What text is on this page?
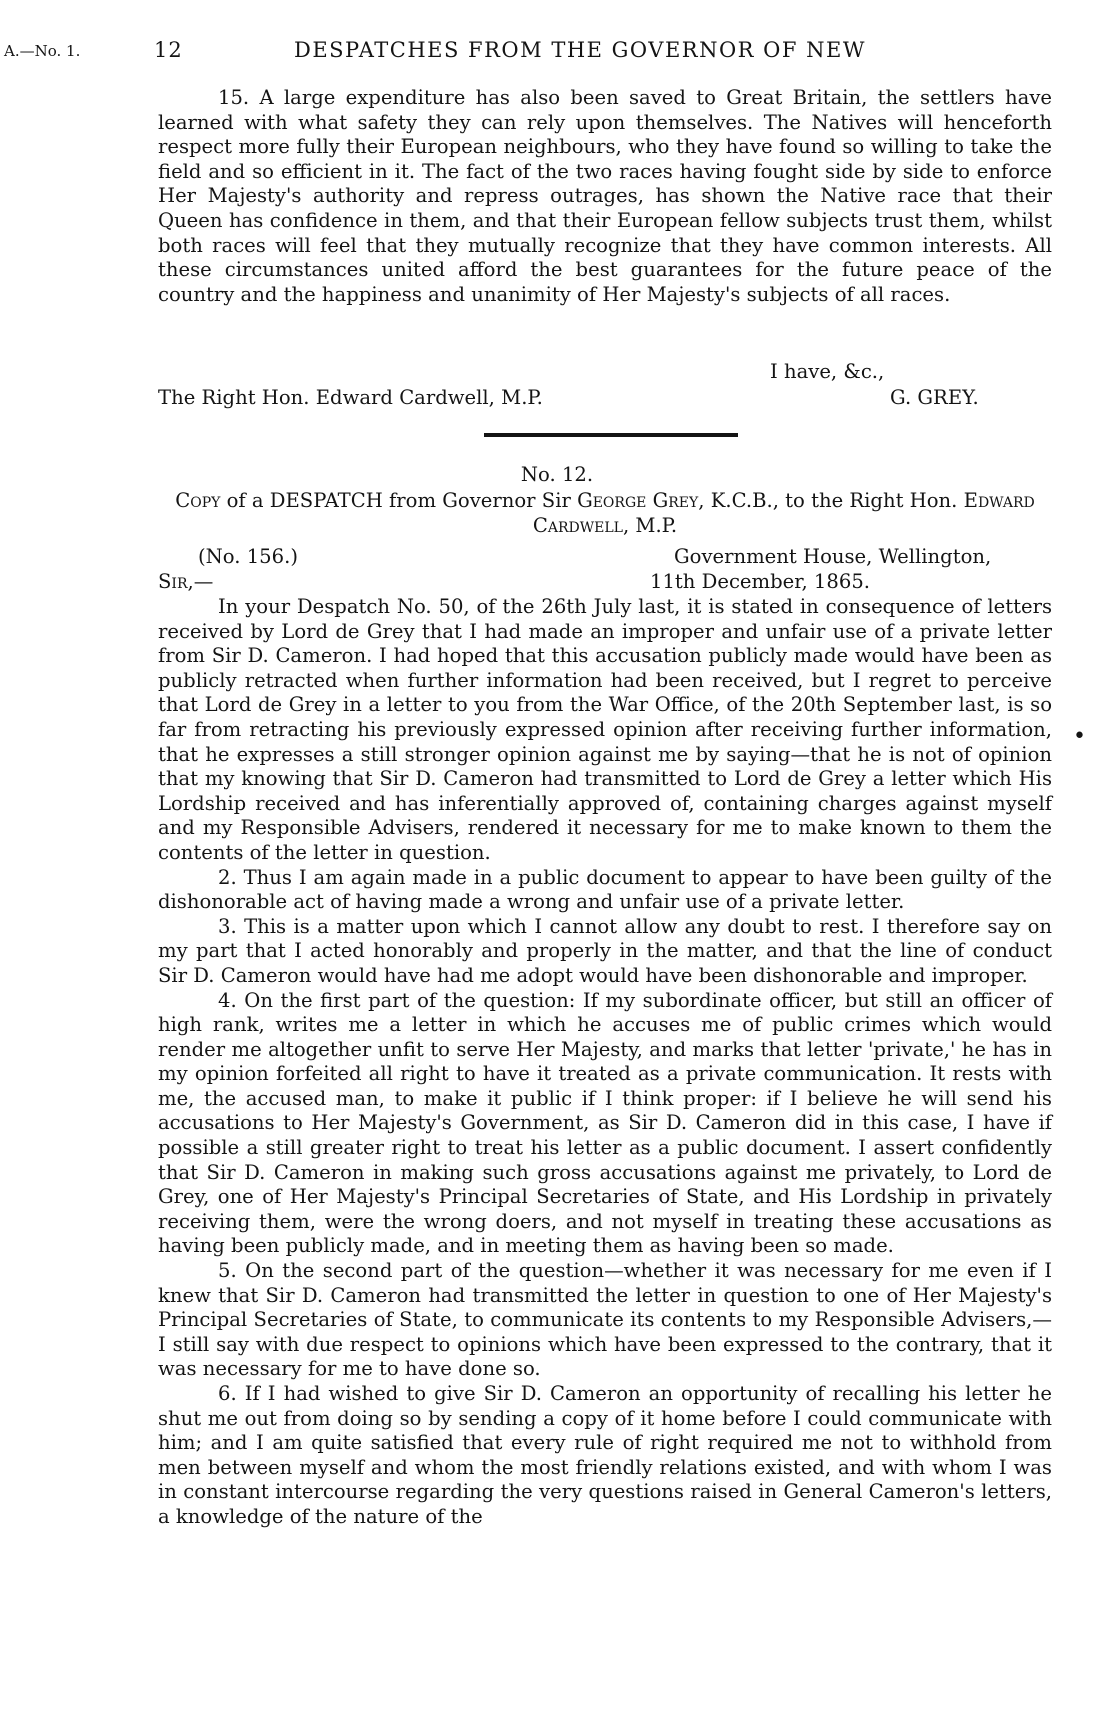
A.—No. 1.	12	DESPATCHES FROM THE GOVERNOR OF NEW

15. A large expenditure has also been saved to Great Britain, the settlers have learned with what safety they can rely upon themselves. The Natives will henceforth respect more fully their European neighbours, who they have found so willing to take the field and so efficient in it. The fact of the two races having fought side by side to enforce Her Majesty's authority and repress outrages, has shown the Native race that their Queen has confidence in them, and that their European fellow subjects trust them, whilst both races will feel that they mutually recognize that they have common interests. All these circumstances united afford the best guarantees for the future peace of the country and the happiness and unanimity of Her Majesty's subjects of all races.

I have, &c.,
The Right Hon. Edward Cardwell, M.P.	G. GREY.
No. 12.
Copy of a DESPATCH from Governor Sir George Grey, K.C.B., to the Right Hon. Edward Cardwell, M.P.
(No. 156.)	Government House, Wellington,
Sir,—	11th December, 1865.

In your Despatch No. 50, of the 26th July last, it is stated in consequence of letters received by Lord de Grey that I had made an improper and unfair use of a private letter from Sir D. Cameron. I had hoped that this accusation publicly made would have been as publicly retracted when further information had been received, but I regret to perceive that Lord de Grey in a letter to you from the War Office, of the 20th September last, is so far from retracting his previously expressed opinion after receiving further information, that he expresses a still stronger opinion against me by saying—that he is not of opinion that my knowing that Sir D. Cameron had transmitted to Lord de Grey a letter which His Lordship received and has inferentially approved of, containing charges against myself and my Responsible Advisers, rendered it necessary for me to make known to them the contents of the letter in question.

2. Thus I am again made in a public document to appear to have been guilty of the dishonorable act of having made a wrong and unfair use of a private letter.

3. This is a matter upon which I cannot allow any doubt to rest. I therefore say on my part that I acted honorably and properly in the matter, and that the line of conduct Sir D. Cameron would have had me adopt would have been dishonorable and improper.

4. On the first part of the question: If my subordinate officer, but still an officer of high rank, writes me a letter in which he accuses me of public crimes which would render me altogether unfit to serve Her Majesty, and marks that letter 'private,' he has in my opinion forfeited all right to have it treated as a private communication. It rests with me, the accused man, to make it public if I think proper: if I believe he will send his accusations to Her Majesty's Government, as Sir D. Cameron did in this case, I have if possible a still greater right to treat his letter as a public document. I assert confidently that Sir D. Cameron in making such gross accusations against me privately, to Lord de Grey, one of Her Majesty's Principal Secretaries of State, and His Lordship in privately receiving them, were the wrong doers, and not myself in treating these accusations as having been publicly made, and in meeting them as having been so made.

5. On the second part of the question—whether it was necessary for me even if I knew that Sir D. Cameron had transmitted the letter in question to one of Her Majesty's Principal Secretaries of State, to communicate its contents to my Responsible Advisers,—I still say with due respect to opinions which have been expressed to the contrary, that it was necessary for me to have done so.

6. If I had wished to give Sir D. Cameron an opportunity of recalling his letter he shut me out from doing so by sending a copy of it home before I could communicate with him; and I am quite satisfied that every rule of right required me not to withhold from men between myself and whom the most friendly relations existed, and with whom I was in constant intercourse regarding the very questions raised in General Cameron's letters, a knowledge of the nature of the

•
